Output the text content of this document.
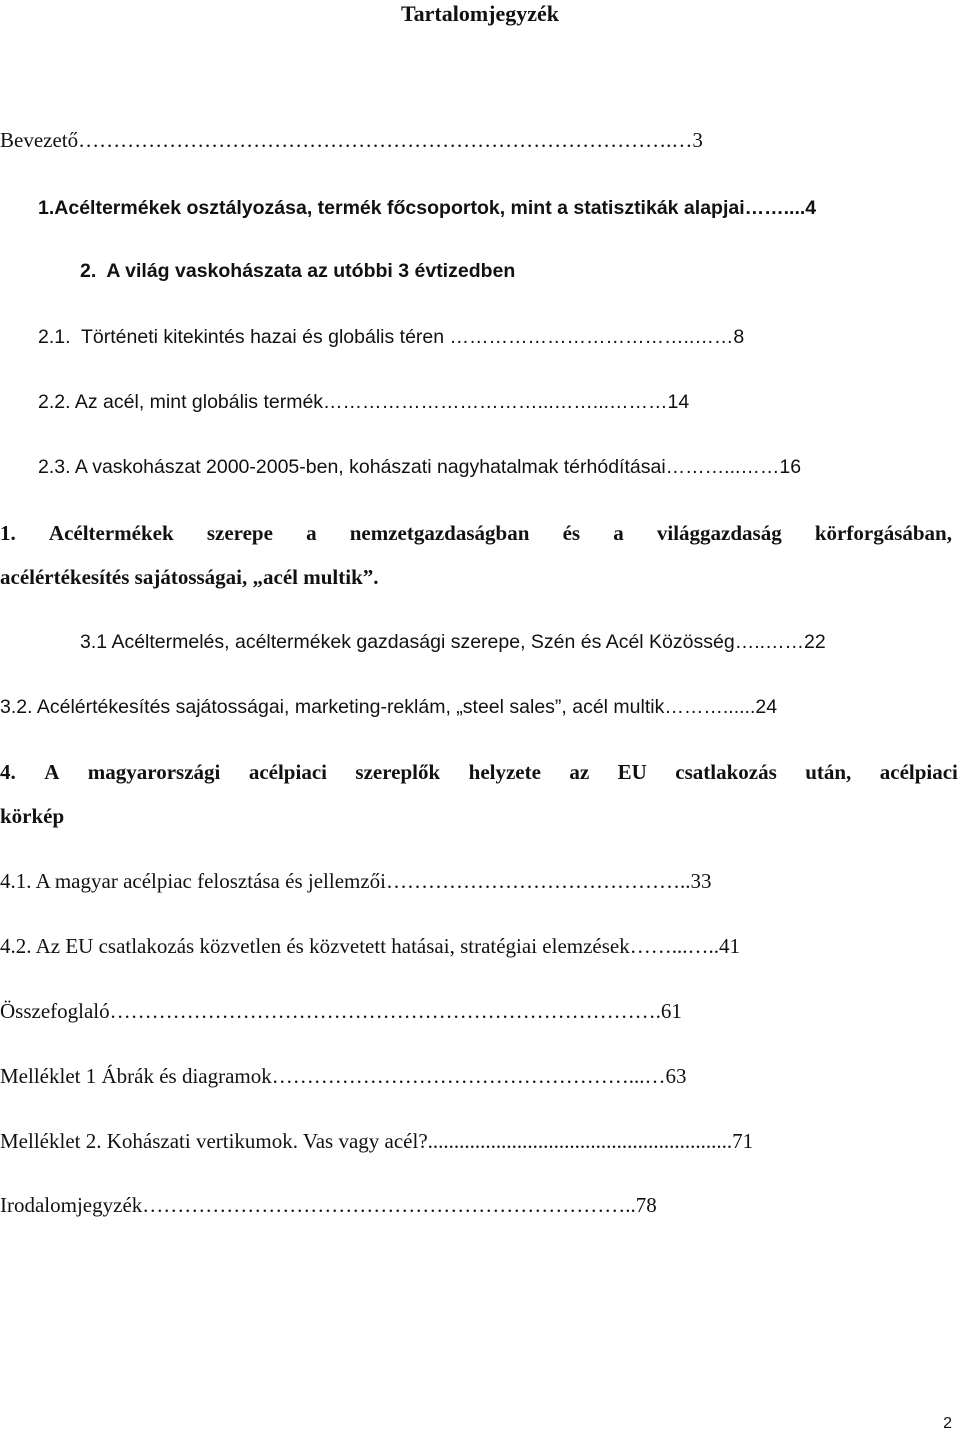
Tartalomjegyzék
Bevezető………………………………………………………………………….…3
1.Acéltermékek osztályozása, termék főcsoportok, mint a statisztikák alapjai……....4
2.  A világ vaskohászata az utóbbi 3 évtizedben
2.1.  Történeti kitekintés hazai és globális téren ………………………………..……8
2.2. Az acél, mint globális termék……………………………...……...………14
2.3. A vaskohászat 2000-2005-ben, kohászati nagyhatalmak térhódításai………...……16
1. Acéltermékek szerepe a nemzetgazdaságban és a világgazdaság körforgásában,
acélértékesítés sajátosságai, „acél multik”.
3.1 Acéltermelés, acéltermékek gazdasági szerepe, Szén és Acél Közösség…..……22
3.2. Acélértékesítés sajátosságai, marketing-reklám, „steel sales”, acél multik………......24
4. A magyarországi acélpiaci szereplők helyzete az EU csatlakozás után, acélpiaci
körkép
4.1. A magyar acélpiac felosztása és jellemzői……………………………………..33
4.2. Az EU csatlakozás közvetlen és közvetett hatásai, stratégiai elemzések……...…..41
Összefoglaló…………………………………………………………………….61
Melléklet 1 Ábrák és diagramok……………………………………………...…63
Melléklet 2. Kohászati vertikumok. Vas vagy acél?..........................................................71
Irodalomjegyzék……………………………………………………………..78
2
